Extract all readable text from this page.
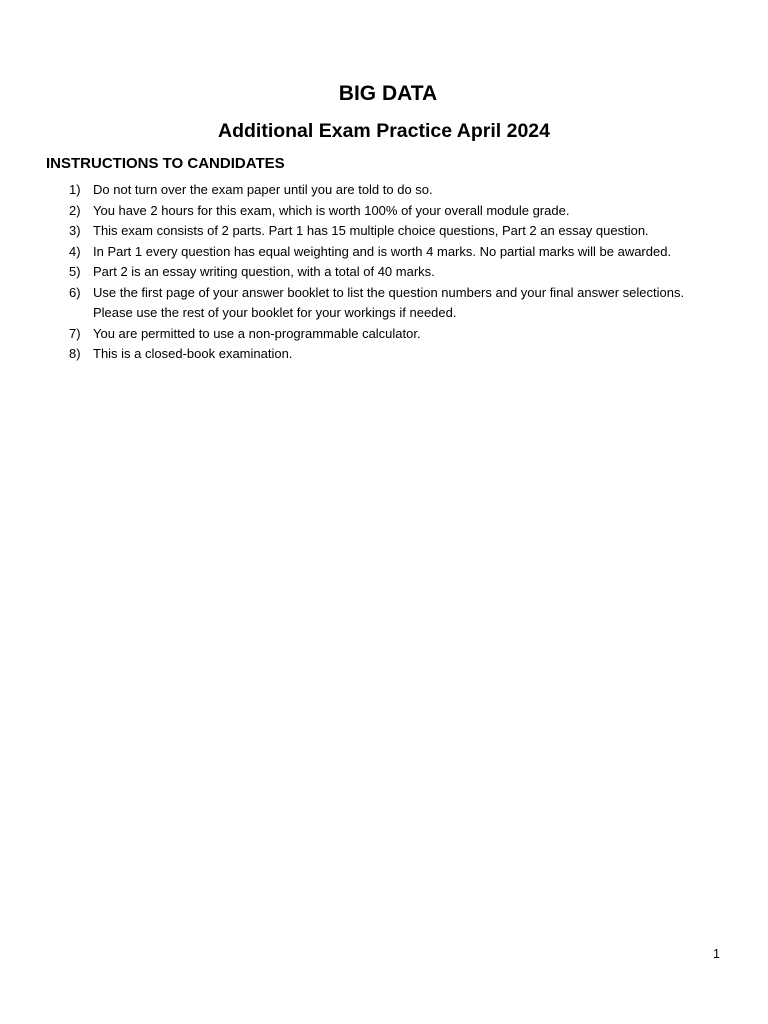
BIG DATA
Additional Exam Practice April 2024
INSTRUCTIONS TO CANDIDATES
1) Do not turn over the exam paper until you are told to do so.
2) You have 2 hours for this exam, which is worth 100% of your overall module grade.
3) This exam consists of 2 parts. Part 1 has 15 multiple choice questions, Part 2 an essay question.
4) In Part 1 every question has equal weighting and is worth 4 marks. No partial marks will be awarded.
5) Part 2 is an essay writing question, with a total of 40 marks.
6) Use the first page of your answer booklet to list the question numbers and your final answer selections. Please use the rest of your booklet for your workings if needed.
7) You are permitted to use a non-programmable calculator.
8) This is a closed-book examination.
1
